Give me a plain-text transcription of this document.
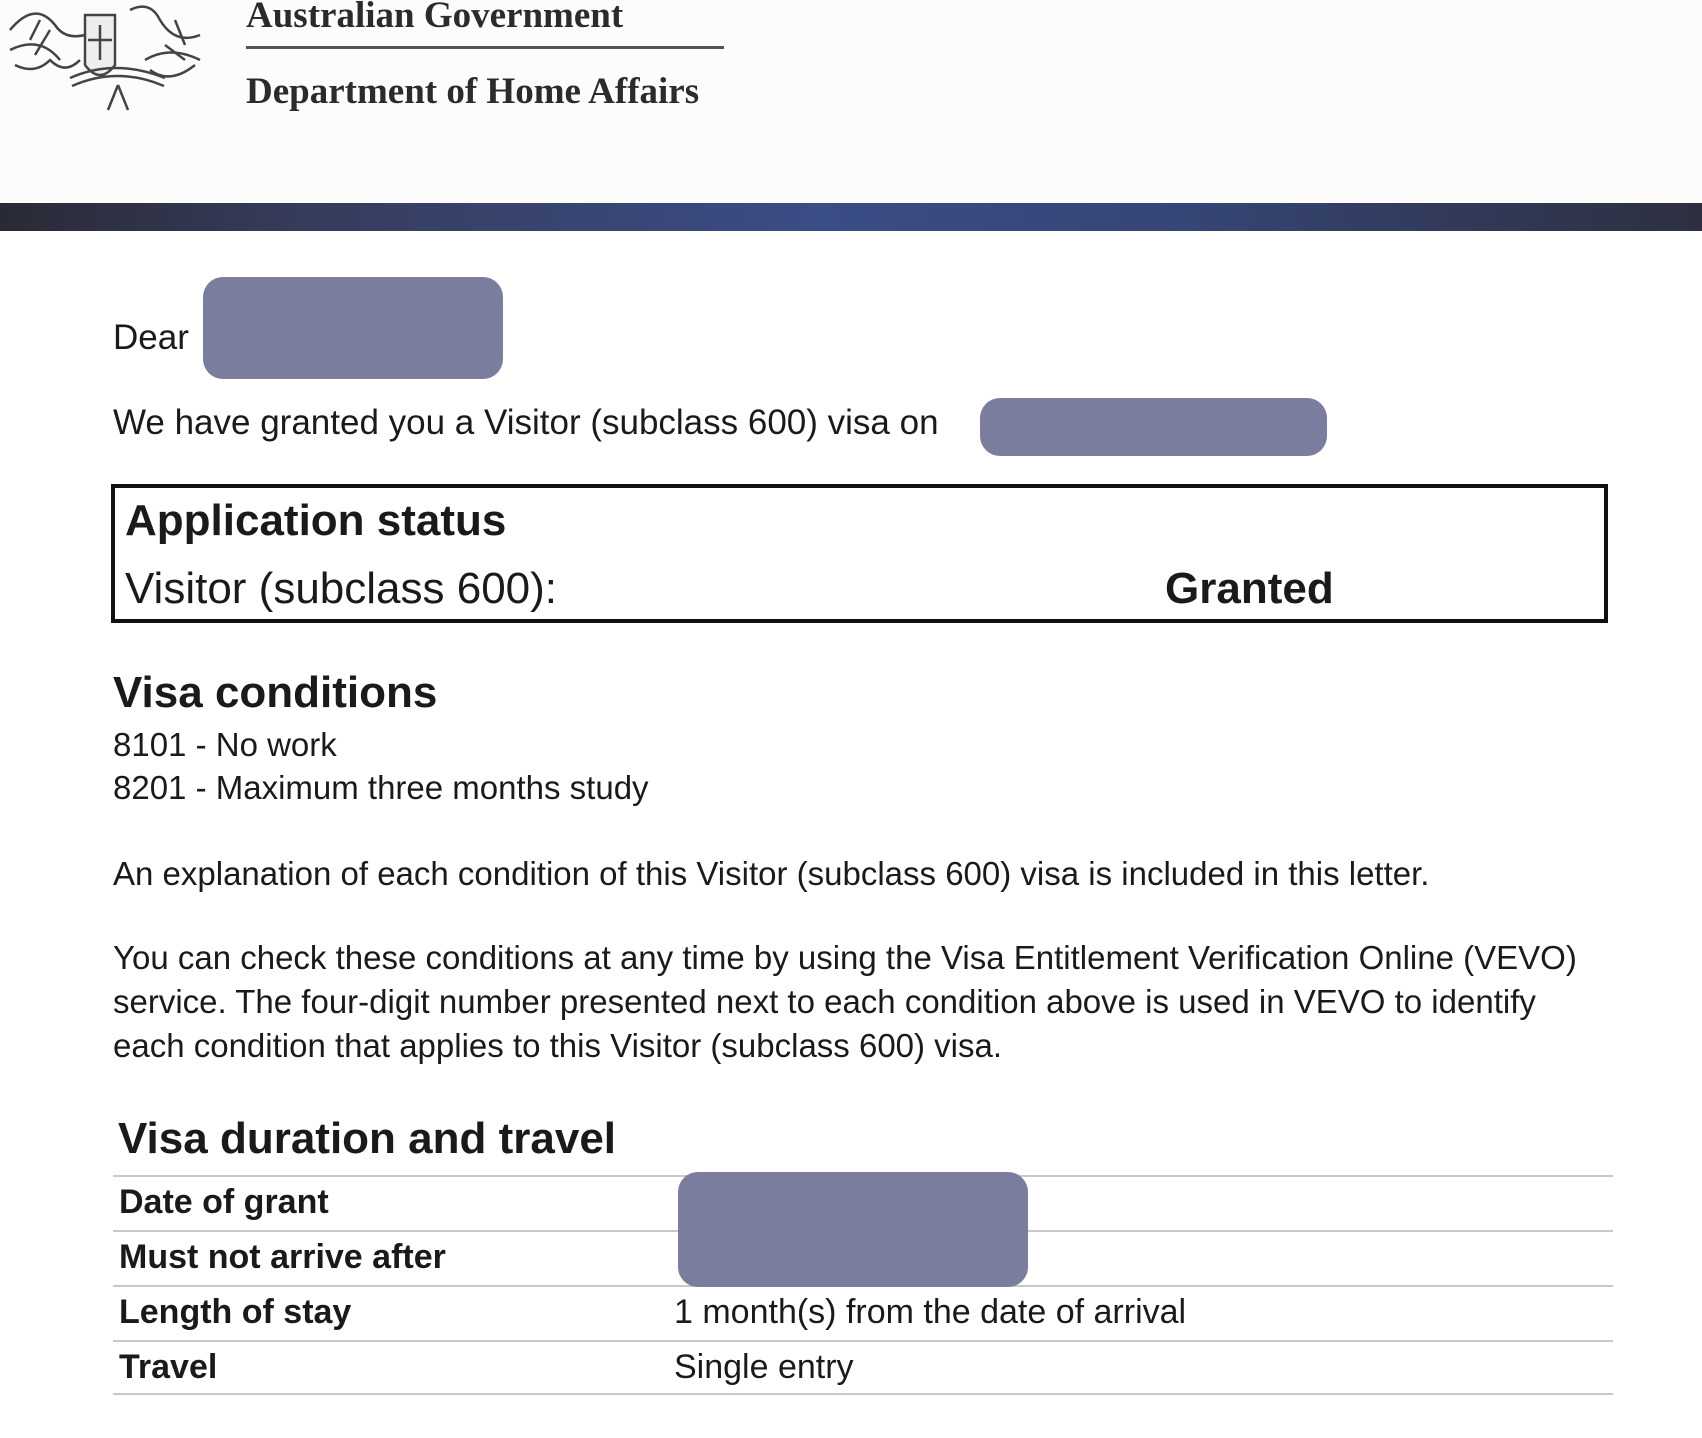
Australian Government
Department of Home Affairs
Dear
We have granted you a Visitor (subclass 600) visa on
Application status
Visitor (subclass 600):	Granted
Visa conditions
8101 - No work
8201 - Maximum three months study
An explanation of each condition of this Visitor (subclass 600) visa is included in this letter.
You can check these conditions at any time by using the Visa Entitlement Verification Online (VEVO) service. The four-digit number presented next to each condition above is used in VEVO to identify each condition that applies to this Visitor (subclass 600) visa.
Visa duration and travel
Date of grant
Must not arrive after
Length of stay	1 month(s) from the date of arrival
Travel	Single entry
